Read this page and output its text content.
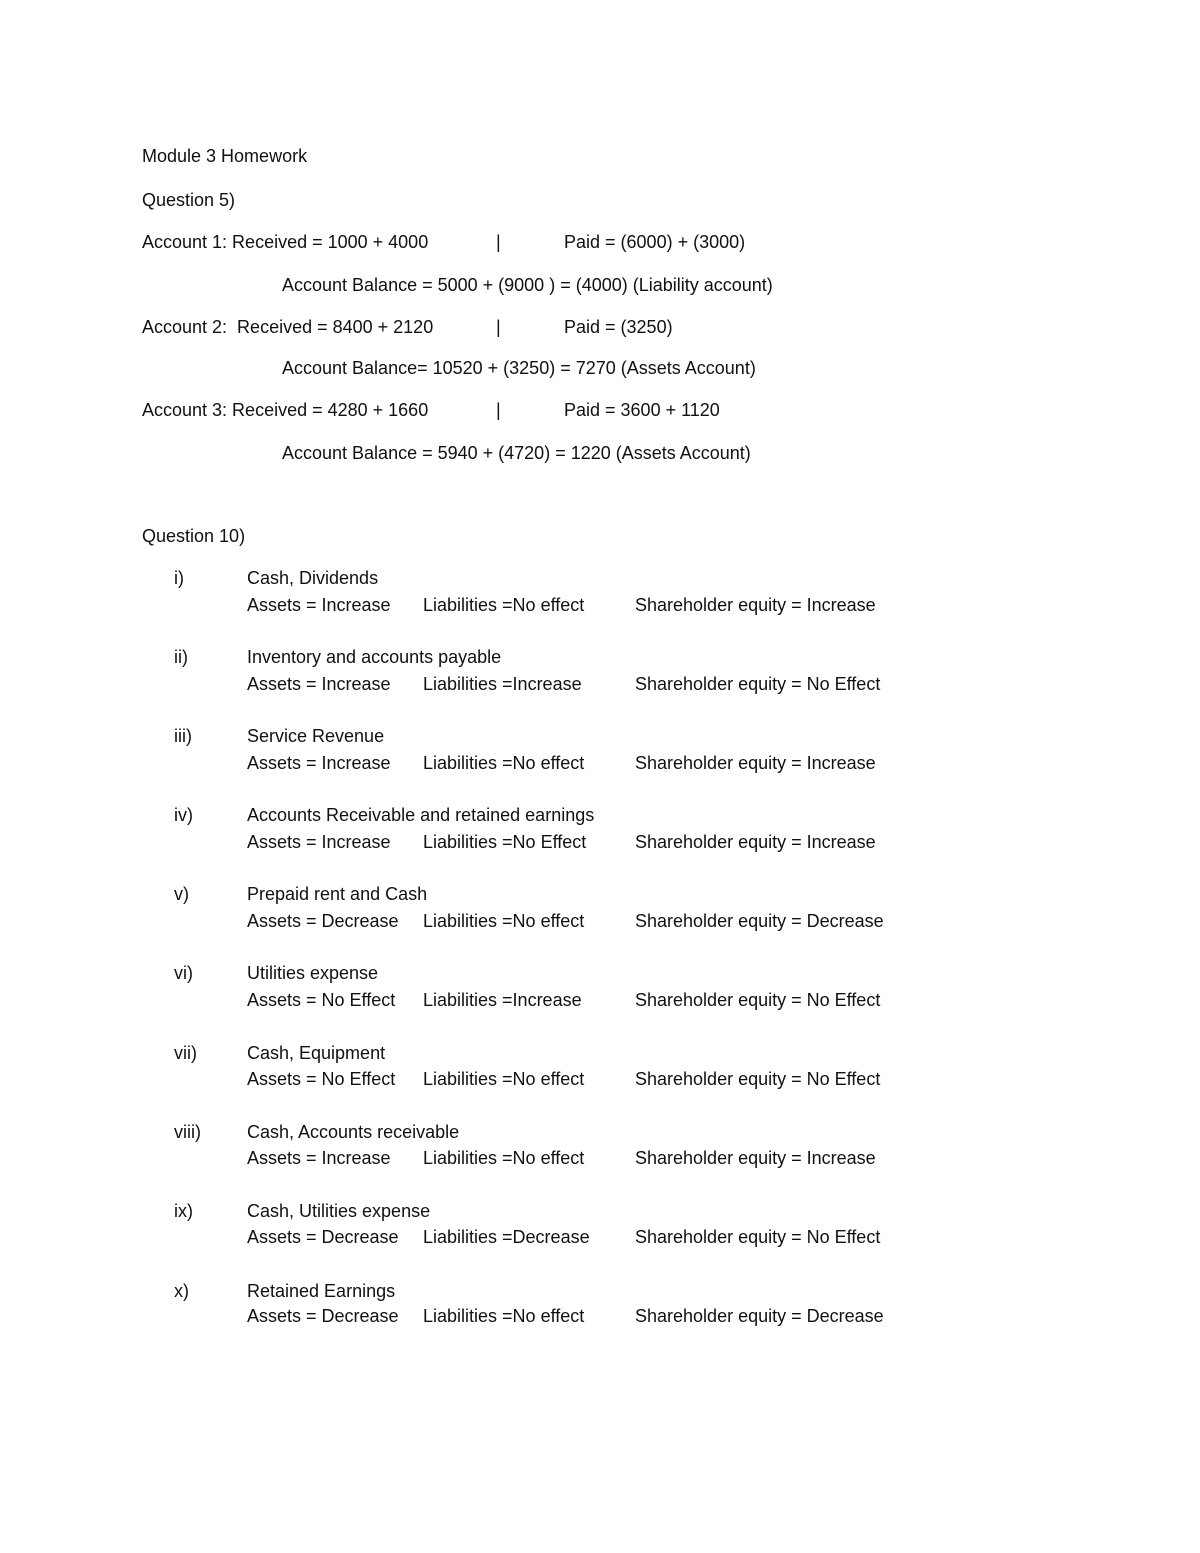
Module 3 Homework
Question 5)
Account 1: Received = 1000 + 4000	|	Paid = (6000) + (3000)
Account Balance = 5000 + (9000 ) = (4000) (Liability account)
Account 2:  Received = 8400 + 2120	|	Paid = (3250)
Account Balance= 10520 + (3250) = 7270 (Assets Account)
Account 3: Received = 4280 + 1660	|	Paid = 3600 + 1120
Account Balance = 5940 + (4720) = 1220 (Assets Account)
Question 10)
i)	Cash, Dividends
Assets = Increase Liabilities =No effect	Shareholder equity = Increase
ii)	Inventory and accounts payable
Assets = Increase Liabilities =Increase	Shareholder equity = No Effect
iii)	Service Revenue
Assets = Increase Liabilities =No effect	Shareholder equity = Increase
iv)	Accounts Receivable and retained earnings
Assets = Increase Liabilities =No Effect	Shareholder equity = Increase
v)	Prepaid rent and Cash
Assets = Decrease Liabilities =No effect	Shareholder equity = Decrease
vi)	Utilities expense
Assets = No Effect Liabilities =Increase	Shareholder equity = No Effect
vii)	Cash, Equipment
Assets = No Effect Liabilities =No effect	Shareholder equity = No Effect
viii)	Cash, Accounts receivable
Assets = Increase Liabilities =No effect	Shareholder equity = Increase
ix)	Cash, Utilities expense
Assets = Decrease Liabilities =Decrease	Shareholder equity = No Effect
x)	Retained Earnings
Assets = Decrease Liabilities =No effect	Shareholder equity = Decrease
